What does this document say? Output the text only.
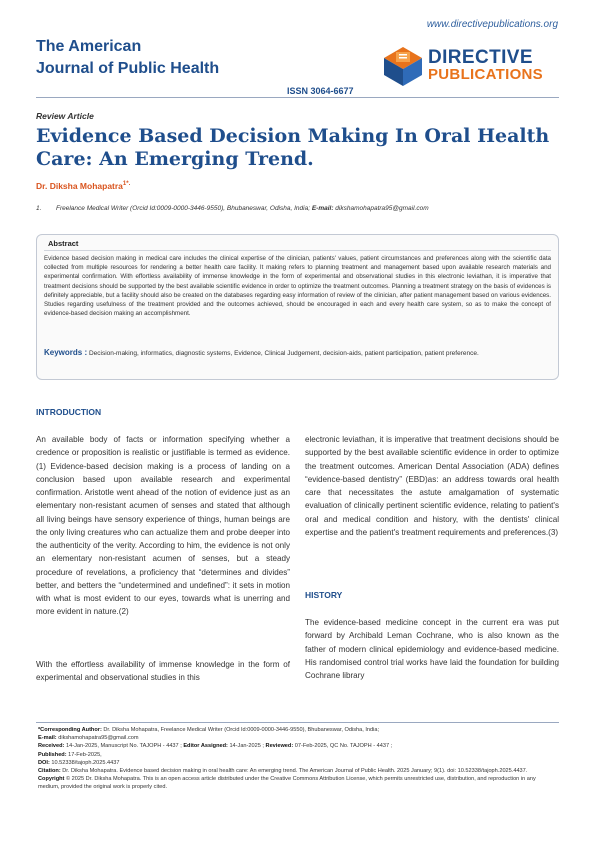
www.directivepublications.org
The American
Journal of Public Health
DIRECTIVE
PUBLICATIONS
ISSN 3064-6677
Review Article
Evidence Based Decision Making In Oral Health Care: An Emerging Trend.
Dr. Diksha Mohapatra$^{1*.}$
1. Freelance Medical Writer (Orcid Id:0009-0000-3446-9550), Bhubaneswar, Odisha, India; E-mail: dikshamohapatra95@gmail.com
Abstract
Evidence based decision making in medical care includes the clinical expertise of the clinician, patients' values, patient circumstances and preferences along with the scientific data collected from multiple resources for rendering a better health care facility. It making refers to planning treatment and management based upon available research materials and experimental confirmation. With effortless availability of immense knowledge in the form of experimental and observational studies in this electronic leviathan, it is imperative that treatment decisions should be supported by the best available scientific evidence in order to optimize the treatment outcomes. Planning a treatment strategy on the basis of evidences is definitely appreciable, but a facility should also be created on the databases regarding easy information of review of the clinician, after patient management based on various evidences. Studies regarding usefulness of the treatment provided and the outcomes achieved, should be encouraged in each and every health care system, so as to make the concept of evidence-based decision making an accomplishment.
Keywords : Decision-making, informatics, diagnostic systems, Evidence, Clinical Judgement, decision-aids, patient participation, patient preference.
INTRODUCTION
An available body of facts or information specifying whether a credence or proposition is realistic or justifiable is termed as evidence.(1) Evidence-based decision making is a process of landing on a conclusion based upon available research and experimental confirmation. Aristotle went ahead of the notion of evidence just as an elementary non-resistant acumen of senses and stated that although all living beings have sensory experience of things, human beings are the only living creatures who can actualize them and probe deeper into the authenticity of the verity. According to him, the evidence is not only an elementary non-resistant acumen of senses, but a steady procedure of revelations, a proficiency that “determines and divides” better, and betters the “undetermined and undefined”: it sets in motion with what is most evident to our eyes, towards what is unerring and more evident in nature.(2)
With the effortless availability of immense knowledge in the form of experimental and observational studies in this
electronic leviathan, it is imperative that treatment decisions should be supported by the best available scientific evidence in order to optimize the treatment outcomes. American Dental Association (ADA) defines “evidence-based dentistry” (EBD)as: an address towards oral health care that necessitates the astute amalgamation of systematic evaluation of clinically pertinent scientific evidence, relating to patient's oral and medical condition and history, with the dentists' clinical expertise and the patient's treatment requirements and preferences.(3)
HISTORY
The evidence-based medicine concept in the current era was put forward by Archibald Leman Cochrane, who is also known as the father of modern clinical epidemiology and evidence-based medicine. His randomised control trial works have laid the foundation for building Cochrane library
*Corresponding Author: Dr. Diksha Mohapatra, Freelance Medical Writer (Orcid Id:0009-0000-3446-9550), Bhubaneswar, Odisha, India;
E-mail: dikshamohapatra95@gmail.com
Received: 14-Jan-2025, Manuscript No. TAJOPH - 4437 ; Editor Assigned: 14-Jan-2025 ; Reviewed: 07-Feb-2025, QC No. TAJOPH - 4437 ;
Published: 17-Feb-2025,
DOI: 10.52338/tajoph.2025.4437
Citation: Dr. Diksha Mohapatra. Evidence based decision making in oral health care: An emerging trend. The American Journal of Public Health. 2025 January; 9(1). doi: 10.52338/tajoph.2025.4437.
Copyright © 2025 Dr. Diksha Mohapatra. This is an open access article distributed under the Creative Commons Attribution License, which permits unrestricted use, distribution, and reproduction in any medium, provided the original work is properly cited.
